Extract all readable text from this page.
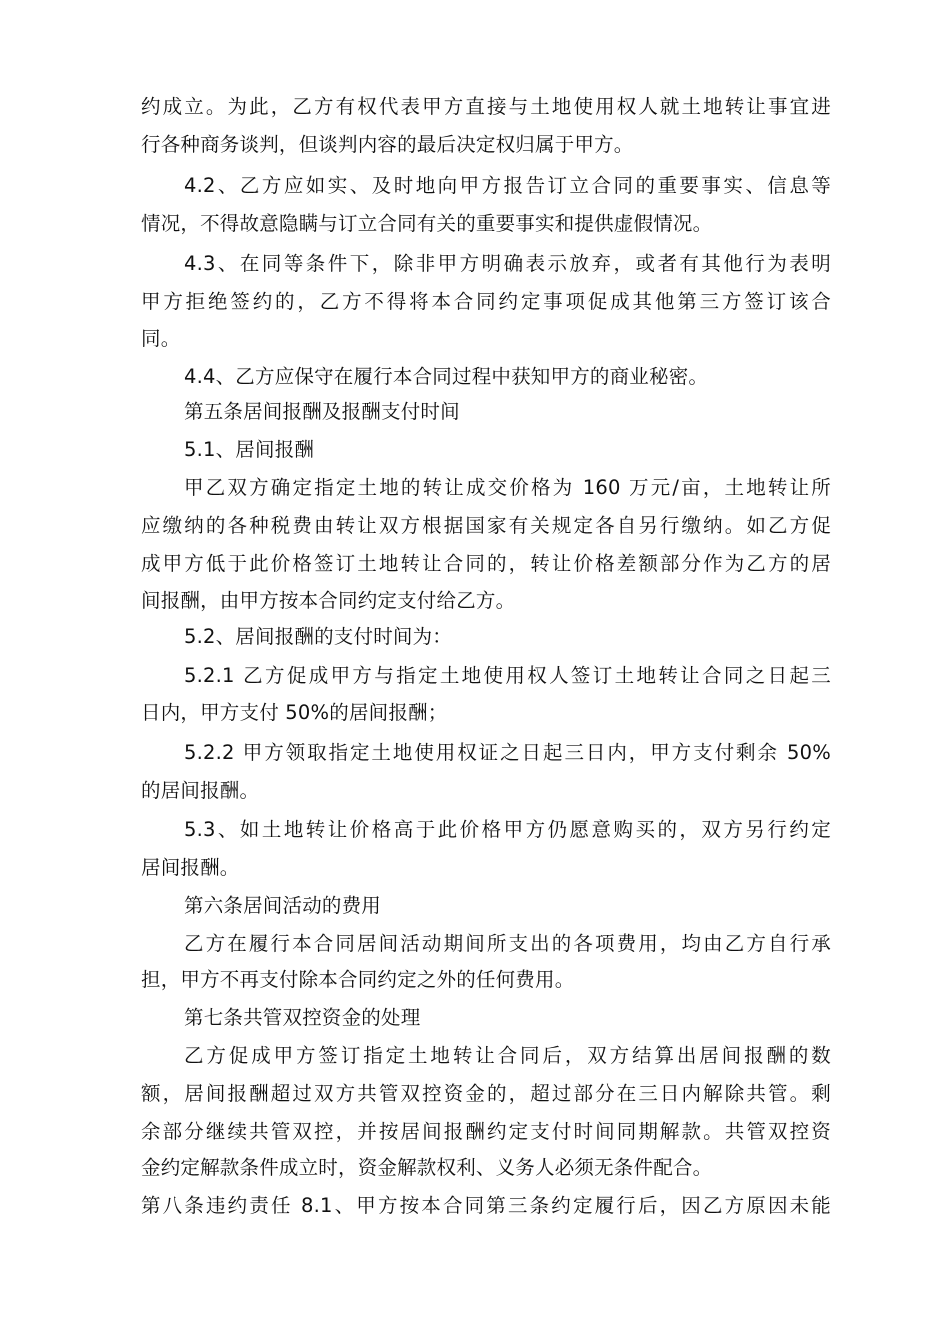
约成立。为此，乙方有权代表甲方直接与土地使用权人就土地转让事宜进
行各种商务谈判，但谈判内容的最后决定权归属于甲方。
4.2、乙方应如实、及时地向甲方报告订立合同的重要事实、信息等
情况，不得故意隐瞒与订立合同有关的重要事实和提供虚假情况。
4.3、在同等条件下，除非甲方明确表示放弃，或者有其他行为表明
甲方拒绝签约的，乙方不得将本合同约定事项促成其他第三方签订该合
同。
4.4、乙方应保守在履行本合同过程中获知甲方的商业秘密。
第五条居间报酬及报酬支付时间
5.1、居间报酬
甲乙双方确定指定土地的转让成交价格为 160 万元/亩，土地转让所
应缴纳的各种税费由转让双方根据国家有关规定各自另行缴纳。如乙方促
成甲方低于此价格签订土地转让合同的，转让价格差额部分作为乙方的居
间报酬，由甲方按本合同约定支付给乙方。
5.2、居间报酬的支付时间为：
5.2.1 乙方促成甲方与指定土地使用权人签订土地转让合同之日起三
日内，甲方支付 50%的居间报酬；
5.2.2 甲方领取指定土地使用权证之日起三日内，甲方支付剩余 50%
的居间报酬。
5.3、如土地转让价格高于此价格甲方仍愿意购买的，双方另行约定
居间报酬。
第六条居间活动的费用
乙方在履行本合同居间活动期间所支出的各项费用，均由乙方自行承
担，甲方不再支付除本合同约定之外的任何费用。
第七条共管双控资金的处理
乙方促成甲方签订指定土地转让合同后，双方结算出居间报酬的数
额，居间报酬超过双方共管双控资金的，超过部分在三日内解除共管。剩
余部分继续共管双控，并按居间报酬约定支付时间同期解款。共管双控资
金约定解款条件成立时，资金解款权利、义务人必须无条件配合。
第八条违约责任 8.1、甲方按本合同第三条约定履行后，因乙方原因未能
